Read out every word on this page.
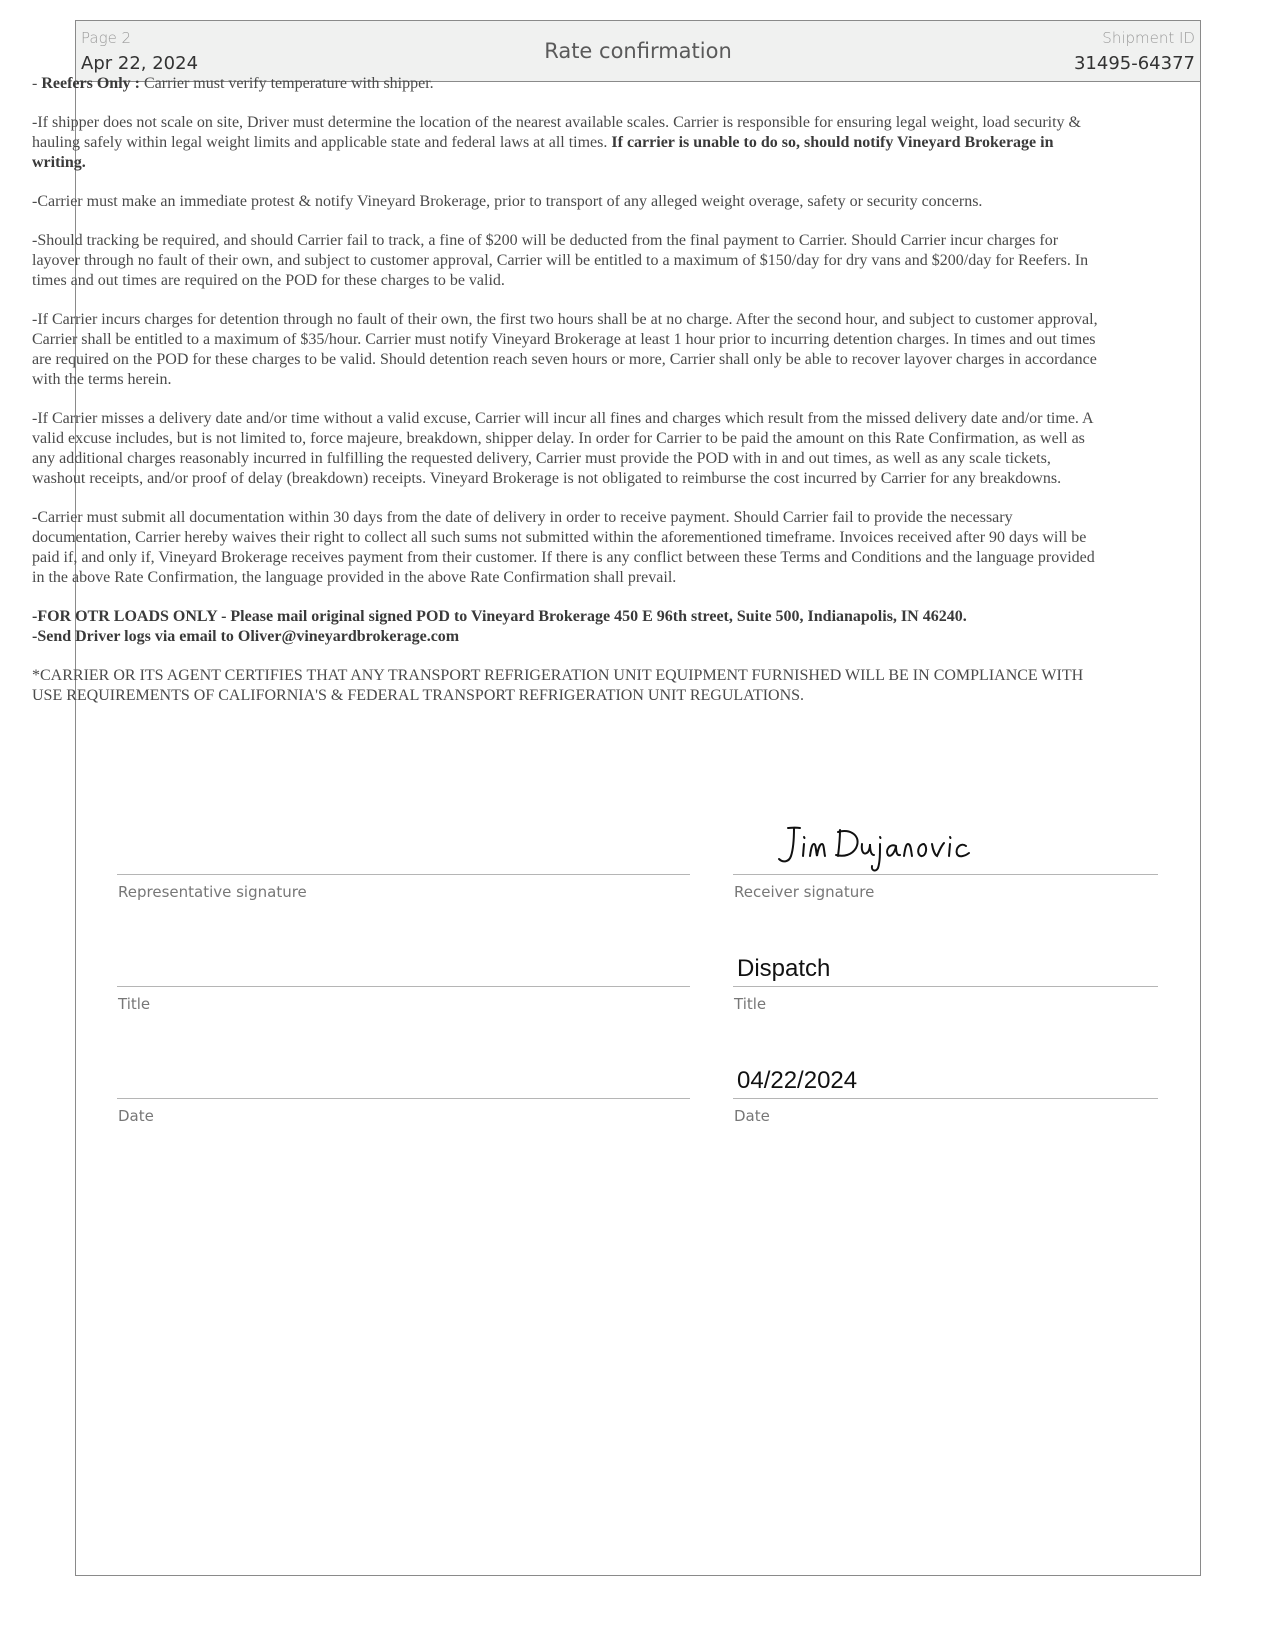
Page 2
Apr 22, 2024
Rate confirmation
Shipment ID
31495-64377

- Reefers Only : Carrier must verify temperature with shipper.

-If shipper does not scale on site, Driver must determine the location of the nearest available scales. Carrier is responsible for ensuring legal weight, load security & hauling safely within legal weight limits and applicable state and federal laws at all times. If carrier is unable to do so, should notify Vineyard Brokerage in writing.

-Carrier must make an immediate protest & notify Vineyard Brokerage, prior to transport of any alleged weight overage, safety or security concerns.

-Should tracking be required, and should Carrier fail to track, a fine of $200 will be deducted from the final payment to Carrier. Should Carrier incur charges for layover through no fault of their own, and subject to customer approval, Carrier will be entitled to a maximum of $150/day for dry vans and $200/day for Reefers. In times and out times are required on the POD for these charges to be valid.

-If Carrier incurs charges for detention through no fault of their own, the first two hours shall be at no charge. After the second hour, and subject to customer approval, Carrier shall be entitled to a maximum of $35/hour. Carrier must notify Vineyard Brokerage at least 1 hour prior to incurring detention charges. In times and out times are required on the POD for these charges to be valid. Should detention reach seven hours or more, Carrier shall only be able to recover layover charges in accordance with the terms herein.

-If Carrier misses a delivery date and/or time without a valid excuse, Carrier will incur all fines and charges which result from the missed delivery date and/or time. A valid excuse includes, but is not limited to, force majeure, breakdown, shipper delay. In order for Carrier to be paid the amount on this Rate Confirmation, as well as any additional charges reasonably incurred in fulfilling the requested delivery, Carrier must provide the POD with in and out times, as well as any scale tickets, washout receipts, and/or proof of delay (breakdown) receipts. Vineyard Brokerage is not obligated to reimburse the cost incurred by Carrier for any breakdowns.

-Carrier must submit all documentation within 30 days from the date of delivery in order to receive payment. Should Carrier fail to provide the necessary documentation, Carrier hereby waives their right to collect all such sums not submitted within the aforementioned timeframe. Invoices received after 90 days will be paid if, and only if, Vineyard Brokerage receives payment from their customer. If there is any conflict between these Terms and Conditions and the language provided in the above Rate Confirmation, the language provided in the above Rate Confirmation shall prevail.

-FOR OTR LOADS ONLY - Please mail original signed POD to Vineyard Brokerage 450 E 96th street, Suite 500, Indianapolis, IN 46240.
-Send Driver logs via email to Oliver@vineyardbrokerage.com

*CARRIER OR ITS AGENT CERTIFIES THAT ANY TRANSPORT REFRIGERATION UNIT EQUIPMENT FURNISHED WILL BE IN COMPLIANCE WITH USE REQUIREMENTS OF CALIFORNIA'S & FEDERAL TRANSPORT REFRIGERATION UNIT REGULATIONS.

Representative signature
Title
Date
Receiver signature
Dispatch
Title
04/22/2024
Date
